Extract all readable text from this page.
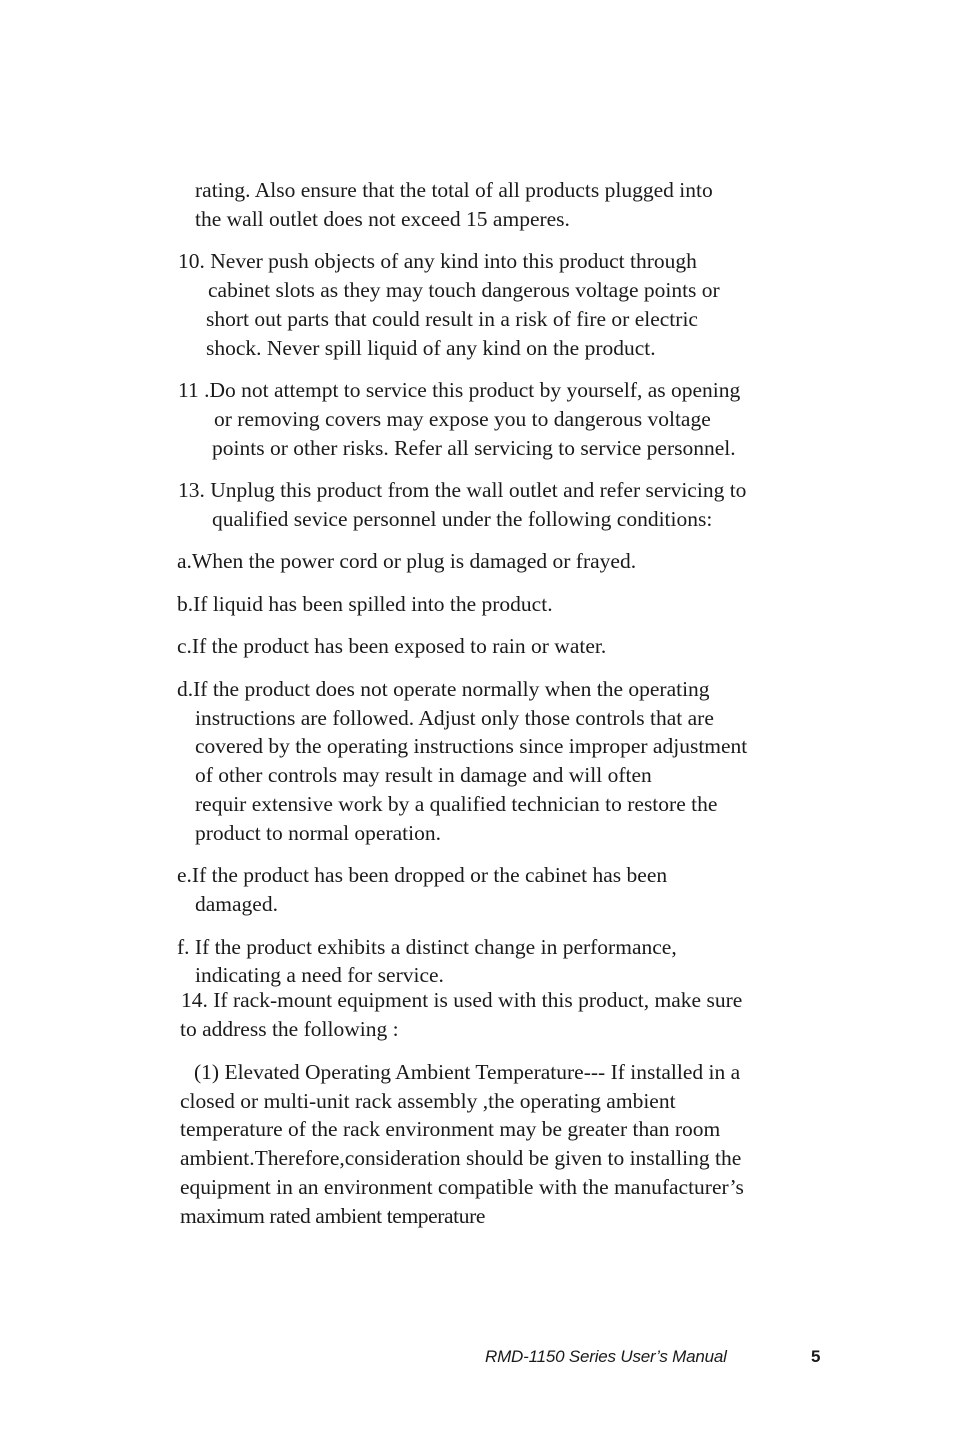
rating. Also ensure that the total of all products plugged into
the wall outlet does not exceed 15 amperes.
10. Never push objects of any kind into this product through
cabinet slots as they may touch dangerous voltage points or
short out parts that could result in a risk of fire or electric
shock. Never spill liquid of any kind on the product.
11 .Do not attempt to service this product by yourself, as opening
or removing covers may expose you to dangerous voltage
points or other risks. Refer all servicing to service personnel.
13. Unplug this product from the wall outlet and refer servicing to
qualified sevice personnel under the following conditions:
a.When the power cord or plug is damaged or frayed.
b.If liquid has been spilled into the product.
c.If the product has been exposed to rain or water.
d.If the product does not operate normally when the operating
instructions are followed. Adjust only those controls that are
covered by the operating instructions since improper adjustment
of other controls may result in damage and will often
requir extensive work by a qualified technician to restore the
product to normal operation.
e.If the product has been dropped or the cabinet has been
damaged.
f. If the product exhibits a distinct change in performance,
indicating a need for service.
14. If rack-mount equipment is used with this product, make sure
to address the following :
(1) Elevated Operating Ambient Temperature--- If installed in a
closed or multi-unit rack assembly ,the operating ambient
temperature of the rack environment may be greater than room
ambient.Therefore,consideration should be given to installing the
equipment in an environment compatible with the manufacturer’s
maximum rated ambient temperature
RMD-1150 Series User’s Manual	5
